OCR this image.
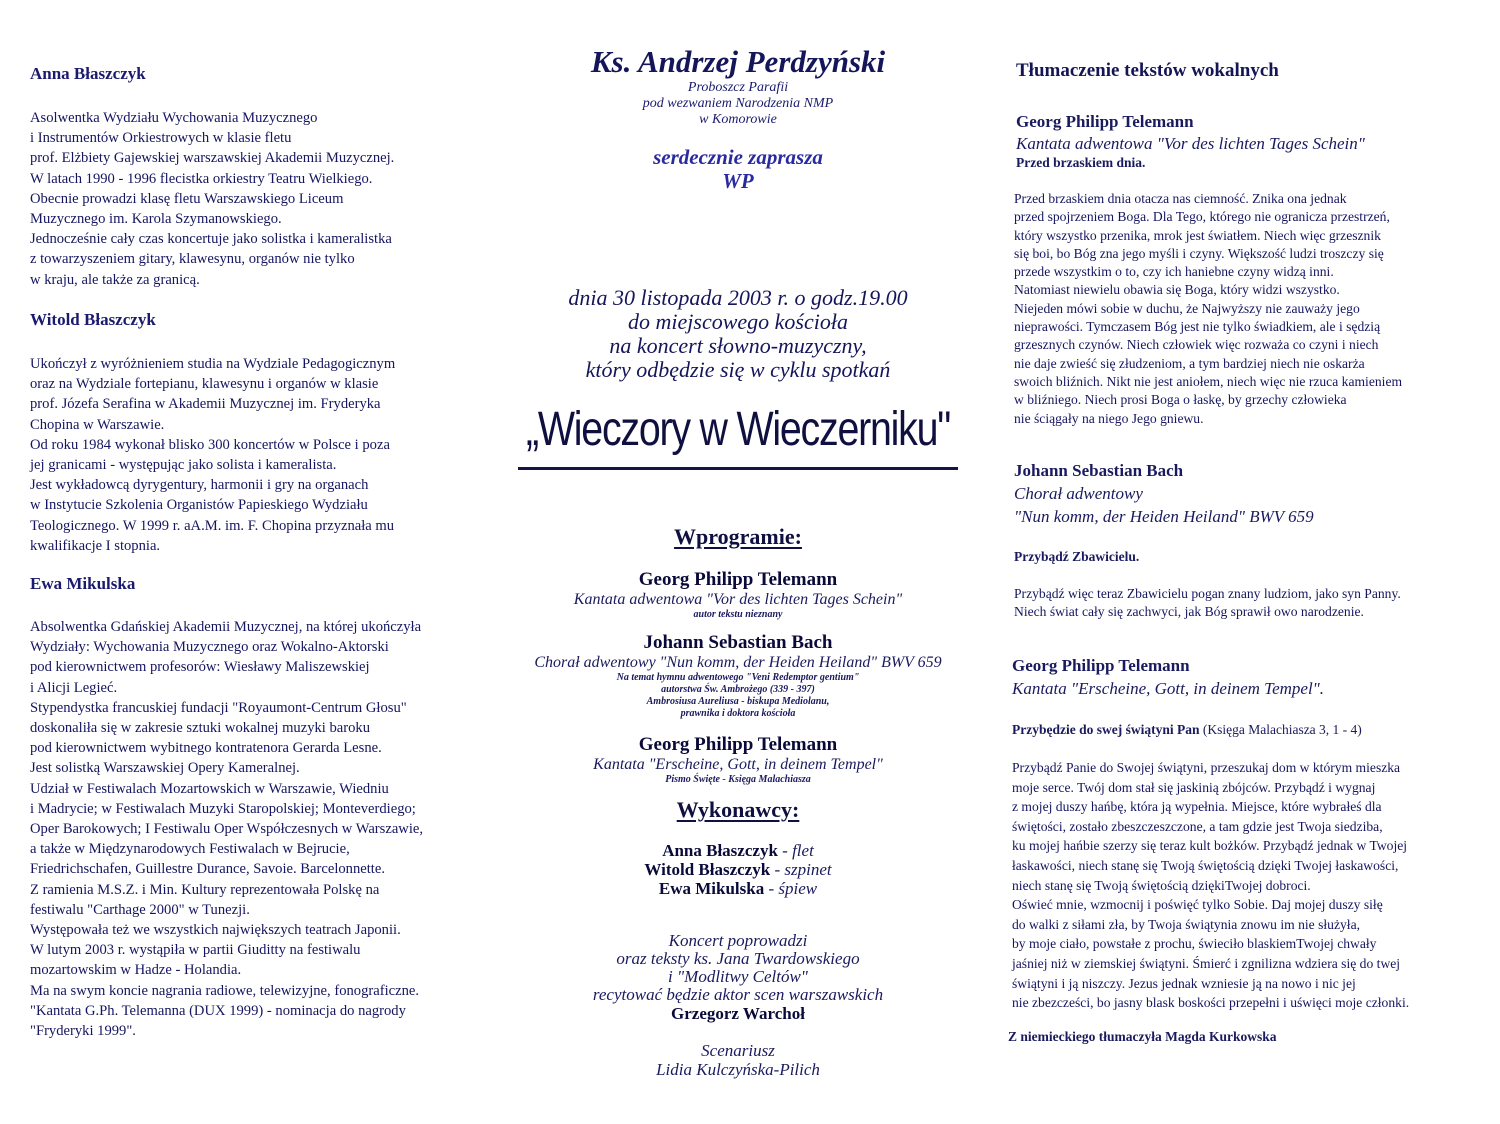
Anna Błaszczyk
Asolwentka Wydziału Wychowania Muzycznego
i Instrumentów Orkiestrowych w klasie fletu
prof. Elżbiety Gajewskiej warszawskiej Akademii Muzycznej.
W latach 1990 - 1996 flecistka orkiestry Teatru Wielkiego.
Obecnie prowadzi klasę fletu Warszawskiego Liceum
Muzycznego im. Karola Szymanowskiego.
Jednocześnie cały czas koncertuje jako solistka i kameralistka
z towarzyszeniem gitary, klawesynu, organów nie tylko
w kraju, ale także za granicą.
Witold Błaszczyk
Ukończył z wyróżnieniem studia na Wydziale Pedagogicznym
oraz na Wydziale fortepianu, klawesynu i organów w klasie
prof. Józefa Serafina w Akademii Muzycznej im. Fryderyka
Chopina w Warszawie.
Od roku 1984 wykonał blisko 300 koncertów w Polsce i poza
jej granicami - występując jako solista i kameralista.
Jest wykładowcą dyrygentury, harmonii i gry na organach
w Instytucie Szkolenia Organistów Papieskiego Wydziału
Teologicznego. W 1999 r. aA.M. im. F. Chopina przyznała mu
kwalifikacje I stopnia.
Ewa Mikulska
Absolwentka Gdańskiej Akademii Muzycznej, na której ukończyła
Wydziały: Wychowania Muzycznego oraz Wokalno-Aktorski
pod kierownictwem profesorów: Wiesławy Maliszewskiej
i Alicji Legieć.
Stypendystka francuskiej fundacji "Royaumont-Centrum Głosu"
doskonaliła się w zakresie sztuki wokalnej muzyki baroku
pod kierownictwem wybitnego kontratenora Gerarda Lesne.
Jest solistką Warszawskiej Opery Kameralnej.
Udział w Festiwalach Mozartowskich w Warszawie, Wiedniu
i Madrycie; w Festiwalach Muzyki Staropolskiej; Monteverdiego;
Oper Barokowych; I Festiwalu Oper Współczesnych w Warszawie,
a także w Międzynarodowych Festiwalach w Bejrucie,
Friedrichschafen, Guillestre Durance, Savoie. Barcelonnette.
Z ramienia M.S.Z. i Min. Kultury reprezentowała Polskę na
festiwalu "Carthage 2000" w Tunezji.
Występowała też we wszystkich największych teatrach Japonii.
W lutym 2003 r. wystąpiła w partii Giuditty na festiwalu
mozartowskim w Hadze - Holandia.
Ma na swym koncie nagrania radiowe, telewizyjne, fonograficzne.
"Kantata G.Ph. Telemanna (DUX 1999) - nominacja do nagrody
"Fryderyki 1999".
Ks. Andrzej Perdzyński
Proboszcz Parafii
pod wezwaniem Narodzenia NMP
w Komorowie
serdecznie zaprasza
WP
dnia 30 listopada 2003 r. o godz.19.00
do miejscowego kościoła
na koncert słowno-muzyczny,
który odbędzie się w cyklu spotkań
„Wieczory w Wieczerniku"
Wprogramie:
Georg Philipp Telemann
Kantata adwentowa "Vor des lichten Tages Schein"
autor tekstu nieznany
Johann Sebastian Bach
Chorał adwentowy "Nun komm, der Heiden Heiland" BWV 659
Na temat hymnu adwentowego "Veni Redemptor gentium"
autorstwa Św. Ambrożego (339 - 397)
Ambrosiusa Aureliusa - biskupa Mediolanu,
prawnika i doktora kościoła
Georg Philipp Telemann
Kantata "Erscheine, Gott, in deinem Tempel"
Pismo Święte - Księga Malachiasza
Wykonawcy:
Anna Błaszczyk - flet
Witold Błaszczyk - szpinet
Ewa Mikulska - śpiew
Koncert poprowadzi
oraz teksty ks. Jana Twardowskiego
i "Modlitwy Celtów"
recytować będzie aktor scen warszawskich
Grzegorz Warchoł
Scenariusz
Lidia Kulczyńska-Pilich
Tłumaczenie tekstów wokalnych
Georg Philipp Telemann
Kantata adwentowa "Vor des lichten Tages Schein"
Przed brzaskiem dnia.
Przed brzaskiem dnia otacza nas ciemność. Znika ona jednak
przed spojrzeniem Boga. Dla Tego, którego nie ogranicza przestrzeń,
który wszystko przenika, mrok jest światłem. Niech więc grzesznik
się boi, bo Bóg zna jego myśli i czyny. Większość ludzi troszczy się
przede wszystkim o to, czy ich haniebne czyny widzą inni.
Natomiast niewielu obawia się Boga, który widzi wszystko.
Niejeden mówi sobie w duchu, że Najwyższy nie zauważy jego
nieprawości. Tymczasem Bóg jest nie tylko świadkiem, ale i sędzią
grzesznych czynów. Niech człowiek więc rozważa co czyni i niech
nie daje zwieść się złudzeniom, a tym bardziej niech nie oskarża
swoich bliźnich. Nikt nie jest aniołem, niech więc nie rzuca kamieniem
w bliźniego. Niech prosi Boga o łaskę, by grzechy człowieka
nie ściągały na niego Jego gniewu.
Johann Sebastian Bach
Chorał adwentowy
"Nun komm, der Heiden Heiland" BWV 659
Przybądź Zbawicielu.
Przybądź więc teraz Zbawicielu pogan znany ludziom, jako syn Panny.
Niech świat cały się zachwyci, jak Bóg sprawił owo narodzenie.
Georg Philipp Telemann
Kantata "Erscheine, Gott, in deinem Tempel".
Przybędzie do swej świątyni Pan (Księga Malachiasza 3, 1 - 4)
Przybądź Panie do Swojej świątyni, przeszukaj dom w którym mieszka
moje serce. Twój dom stał się jaskinią zbójców. Przybądź i wygnaj
z mojej duszy hańbę, która ją wypełnia. Miejsce, które wybrałeś dla
świętości, zostało zbeszczeszczone, a tam gdzie jest Twoja siedziba,
ku mojej hańbie szerzy się teraz kult bożków. Przybądź jednak w Twojej
łaskawości, niech stanę się Twoją świętością dzięki Twojej łaskawości,
niech stanę się Twoją świętością dziękiTwojej dobroci.
Oświeć mnie, wzmocnij i poświęć tylko Sobie. Daj mojej duszy siłę
do walki z siłami zła, by Twoja świątynia znowu im nie służyła,
by moje ciało, powstałe z prochu, świeciło blaskiemTwojej chwały
jaśniej niż w ziemskiej świątyni. Śmierć i zgnilizna wdziera się do twej
świątyni i ją niszczy. Jezus jednak wzniesie ją na nowo i nic jej
nie zbezcześci, bo jasny blask boskości przepełni i uświęci moje członki.
Z niemieckiego tłumaczyła Magda Kurkowska
